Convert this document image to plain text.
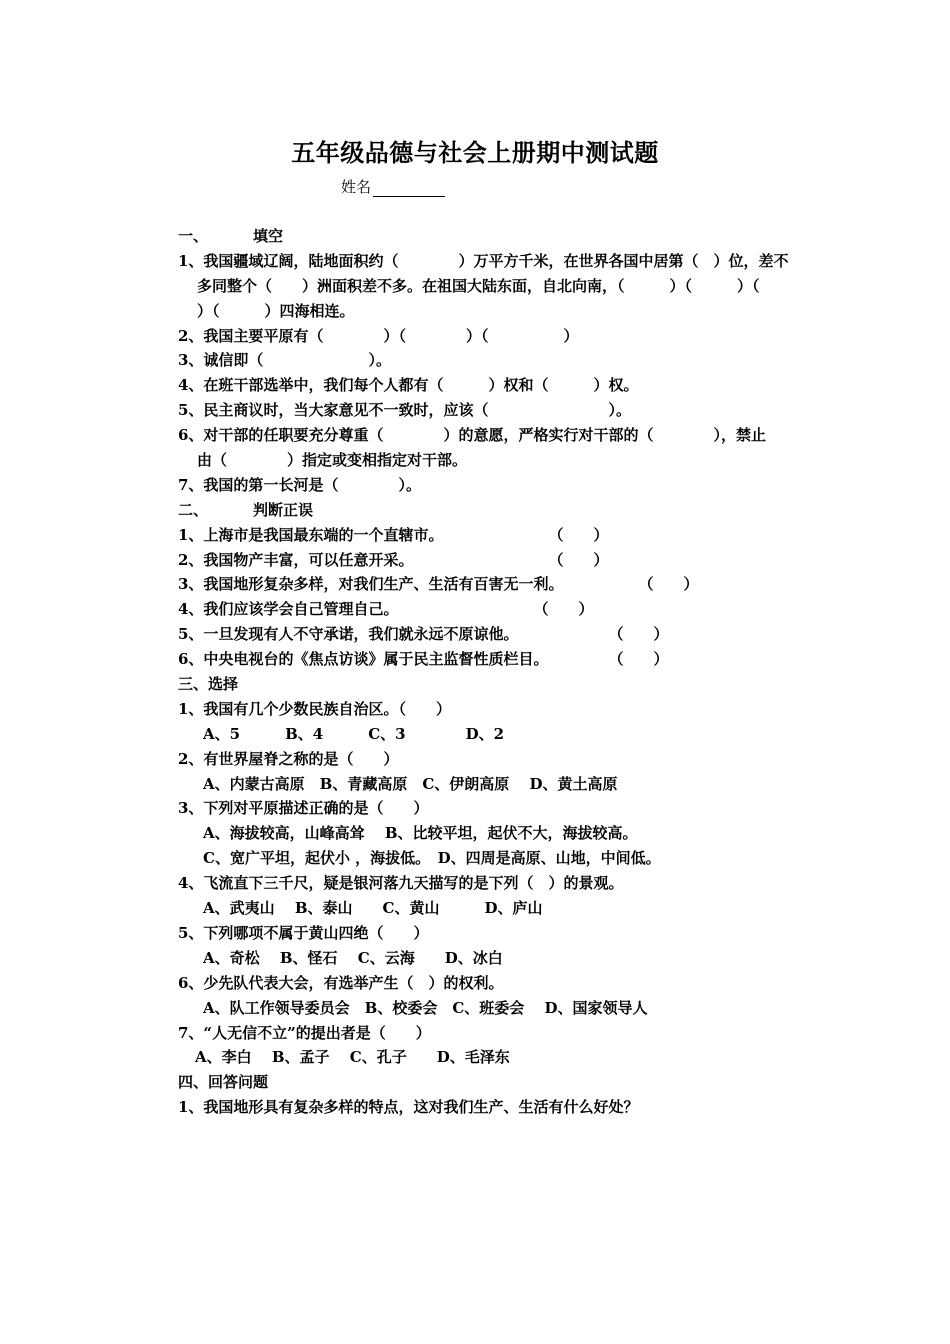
五年级品德与社会上册期中测试题
姓名
一、	填空
1、我国疆域辽阔，陆地面积约（　　　　）万平方千米，在世界各国中居第（　）位，差不
多同整个（　　）洲面积差不多。在祖国大陆东面，自北向南，（　　　）（　　　）（
）（　　　）四海相连。
2、我国主要平原有（　　　　）（　　　　）（　　　　　）
3、诚信即（　　　　　　　）。
4、在班干部选举中，我们每个人都有（　　　）权和（　　　）权。
5、民主商议时，当大家意见不一致时，应该（　　　　　　　　）。
6、对干部的任职要充分尊重（　　　　）的意愿，严格实行对干部的（　　　　），禁止
由（　　　　）指定或变相指定对干部。
7、我国的第一长河是（　　　　）。
二、	判断正误
1、上海市是我国最东端的一个直辖市。　　　　　　　　（　　）
2、我国物产丰富，可以任意开采。　　　　　　　　　　（　　）
3、我国地形复杂多样，对我们生产、生活有百害无一利。　　　　　　（　　）
4、我们应该学会自己管理自己。　　　　　　　　　　（　　）
5、一旦发现有人不守承诺，我们就永远不原谅他。　　　　　　　（　　）
6、中央电视台的《焦点访谈》属于民主监督性质栏目。　　　　　（　　）
三、选择
1、我国有几个少数民族自治区。（　　）
A、5　　　B、4　　　C、3　　　　D、2
2、有世界屋脊之称的是（　　）
A、内蒙古高原　B、青藏高原　C、伊朗高原　 D、黄土高原
3、下列对平原描述正确的是（　　）
A、海拔较高，山峰高耸　 B、比较平坦，起伏不大，海拔较高。
C、宽广平坦，起伏小 ，海拔低。　D、四周是高原、山地，中间低。
4、飞流直下三千尺，疑是银河落九天描写的是下列（　）的景观。
A、武夷山　 B、泰山　　C、黄山　　　D、庐山
5、下列哪项不属于黄山四绝（　　）
A、奇松　 B、怪石　 C、云海　　D、冰白
6、少先队代表大会，有选举产生（　）的权利。
A、队工作领导委员会　B、校委会　C、班委会　 D、国家领导人
7、“人无信不立”的提出者是（　　）
A、李白　 B、孟子　 C、孔子　　D、毛泽东
四、回答问题
1、我国地形具有复杂多样的特点，这对我们生产、生活有什么好处？
